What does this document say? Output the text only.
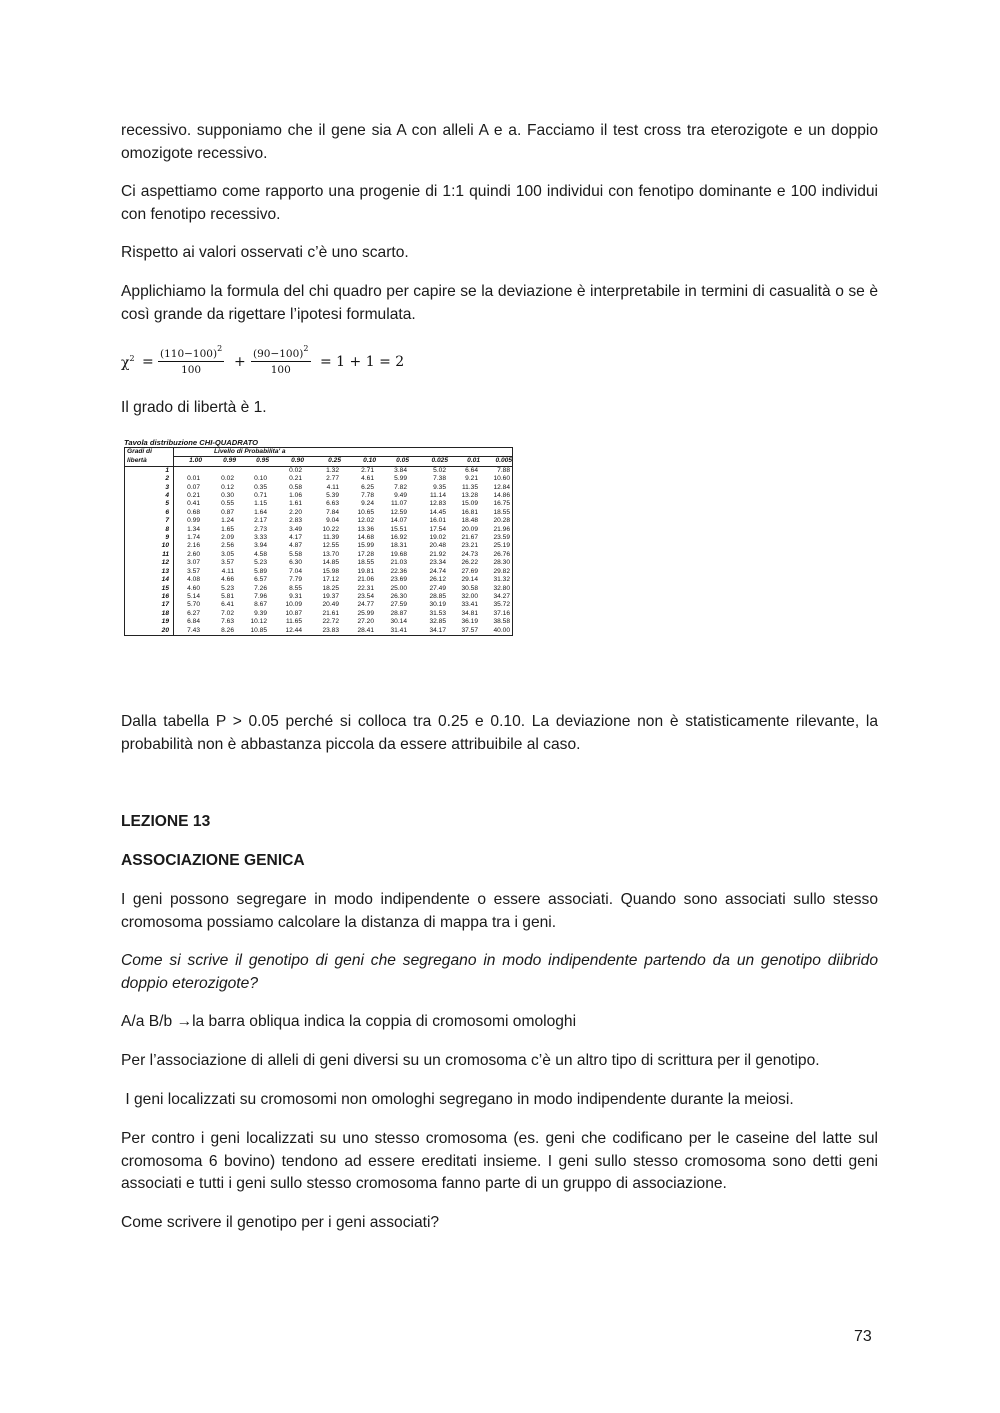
recessivo. supponiamo che il gene sia A con alleli A e a. Facciamo il test cross tra eterozigote e un doppio omozigote recessivo.

Ci aspettiamo come rapporto una progenie di 1:1 quindi 100 individui con fenotipo dominante e 100 individui con fenotipo recessivo.

Rispetto ai valori osservati c’è uno scarto.

Applichiamo la formula del chi quadro per capire se la deviazione è interpretabile in termini di casualità o se è così grande da rigettare l’ipotesi formulata.

$\chi^2 = \frac{(110-100)^2}{100} + \frac{(90-100)^2}{100} = 1 + 1 = 2$

Il grado di libertà è 1.

Tavola distribuzione CHI-QUADRATO
Gradi di	Livello di Probabilita' a									
libertà	1.00	0.99	0.95	0.90	0.25	0.10	0.05	0.025	0.01	0.005
1				0.02	1.32	2.71	3.84	5.02	6.64	7.88
2	0.01	0.02	0.10	0.21	2.77	4.61	5.99	7.38	9.21	10.60
3	0.07	0.12	0.35	0.58	4.11	6.25	7.82	9.35	11.35	12.84
4	0.21	0.30	0.71	1.06	5.39	7.78	9.49	11.14	13.28	14.86
5	0.41	0.55	1.15	1.61	6.63	9.24	11.07	12.83	15.09	16.75
6	0.68	0.87	1.64	2.20	7.84	10.65	12.59	14.45	16.81	18.55
7	0.99	1.24	2.17	2.83	9.04	12.02	14.07	16.01	18.48	20.28
8	1.34	1.65	2.73	3.49	10.22	13.36	15.51	17.54	20.09	21.96
9	1.74	2.09	3.33	4.17	11.39	14.68	16.92	19.02	21.67	23.59
10	2.16	2.56	3.94	4.87	12.55	15.99	18.31	20.48	23.21	25.19
11	2.60	3.05	4.58	5.58	13.70	17.28	19.68	21.92	24.73	26.76
12	3.07	3.57	5.23	6.30	14.85	18.55	21.03	23.34	26.22	28.30
13	3.57	4.11	5.89	7.04	15.98	19.81	22.36	24.74	27.69	29.82
14	4.08	4.66	6.57	7.79	17.12	21.06	23.69	26.12	29.14	31.32
15	4.60	5.23	7.26	8.55	18.25	22.31	25.00	27.49	30.58	32.80
16	5.14	5.81	7.96	9.31	19.37	23.54	26.30	28.85	32.00	34.27
17	5.70	6.41	8.67	10.09	20.49	24.77	27.59	30.19	33.41	35.72
18	6.27	7.02	9.39	10.87	21.61	25.99	28.87	31.53	34.81	37.16
19	6.84	7.63	10.12	11.65	22.72	27.20	30.14	32.85	36.19	38.58
20	7.43	8.26	10.85	12.44	23.83	28.41	31.41	34.17	37.57	40.00

Dalla tabella P > 0.05 perché si colloca tra 0.25 e 0.10. La deviazione non è statisticamente rilevante, la probabilità non è abbastanza piccola da essere attribuibile al caso.

LEZIONE 13

ASSOCIAZIONE GENICA

I geni possono segregare in modo indipendente o essere associati. Quando sono associati sullo stesso cromosoma possiamo calcolare la distanza di mappa tra i geni.

Come si scrive il genotipo di geni che segregano in modo indipendente partendo da un genotipo diibrido doppio eterozigote?

A/a B/b →la barra obliqua indica la coppia di cromosomi omologhi

Per l’associazione di alleli di geni diversi su un cromosoma c’è un altro tipo di scrittura per il genotipo.

I geni localizzati su cromosomi non omologhi segregano in modo indipendente durante la meiosi.

Per contro i geni localizzati su uno stesso cromosoma (es. geni che codificano per le caseine del latte sul cromosoma 6 bovino) tendono ad essere ereditati insieme. I geni sullo stesso cromosoma sono detti geni associati e tutti i geni sullo stesso cromosoma fanno parte di un gruppo di associazione.

Come scrivere il genotipo per i geni associati?

73
